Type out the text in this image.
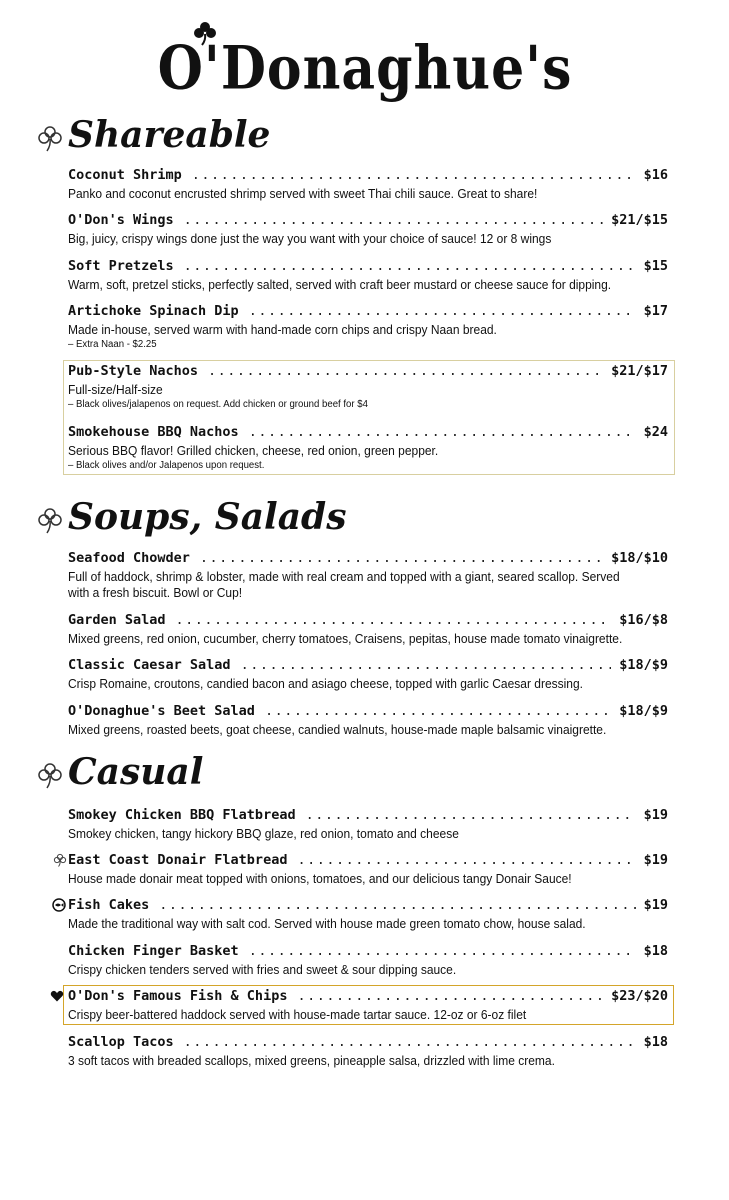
O'Donaghue's
Shareable
Coconut Shrimp .....	$16
Panko and coconut encrusted shrimp served with sweet Thai chili sauce. Great to share!
O'Don's Wings .....	$21/$15
Big, juicy, crispy wings done just the way you want with your choice of sauce! 12 or 8 wings
Soft Pretzels .....	$15
Warm, soft, pretzel sticks, perfectly salted, served with craft beer mustard or cheese sauce for dipping.
Artichoke Spinach Dip .....	$17
Made in-house, served warm with hand-made corn chips and crispy Naan bread.
– Extra Naan - $2.25
Pub-Style Nachos .....	$21/$17
Full-size/Half-size
– Black olives/jalapenos on request. Add chicken or ground beef for $4
Smokehouse BBQ Nachos .....	$24
Serious BBQ flavor! Grilled chicken, cheese, red onion, green pepper.
– Black olives and/or Jalapenos upon request.
Soups, Salads
Seafood Chowder .....	$18/$10
Full of haddock, shrimp & lobster, made with real cream and topped with a giant, seared scallop. Served with a fresh biscuit. Bowl or Cup!
Garden Salad .....	$16/$8
Mixed greens, red onion, cucumber, cherry tomatoes, Craisens, pepitas, house made tomato vinaigrette.
Classic Caesar Salad .....	$18/$9
Crisp Romaine, croutons, candied bacon and asiago cheese, topped with garlic Caesar dressing.
O'Donaghue's Beet Salad .....	$18/$9
Mixed greens, roasted beets, goat cheese, candied walnuts, house-made maple balsamic vinaigrette.
Casual
Smokey Chicken BBQ Flatbread .....	$19
Smokey chicken, tangy hickory BBQ glaze, red onion, tomato and cheese
East Coast Donair Flatbread .....	$19
House made donair meat topped with onions, tomatoes, and our delicious tangy Donair Sauce!
Fish Cakes .....	$19
Made the traditional way with salt cod. Served with house made green tomato chow, house salad.
Chicken Finger Basket .....	$18
Crispy chicken tenders served with fries and sweet & sour dipping sauce.
O'Don's Famous Fish & Chips .....	$23/$20
Crispy beer-battered haddock served with house-made tartar sauce. 12-oz or 6-oz filet
Scallop Tacos .....	$18
3 soft tacos with breaded scallops, mixed greens, pineapple salsa, drizzled with lime crema.
